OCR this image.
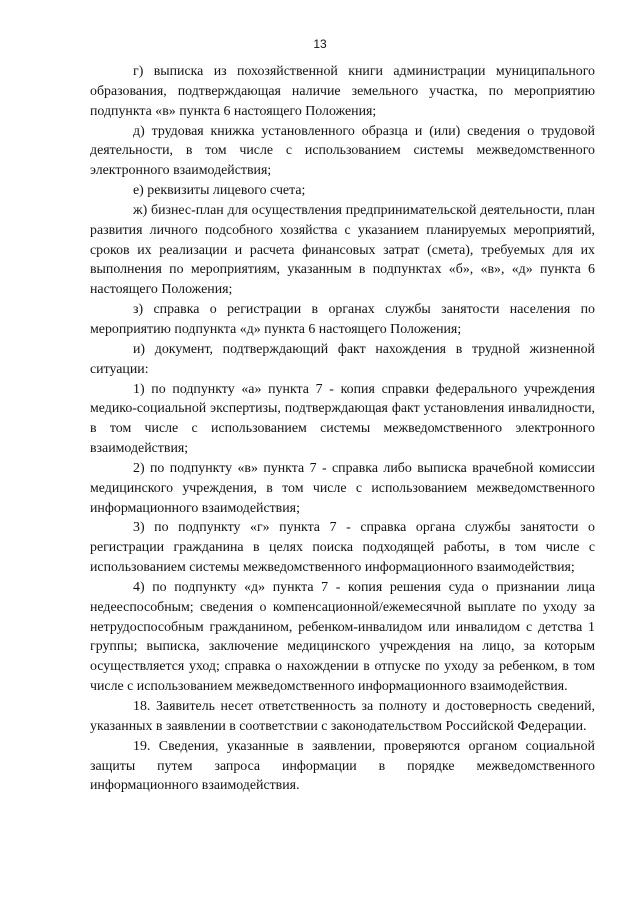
13

г) выписка из похозяйственной книги администрации муниципального образования, подтверждающая наличие земельного участка, по мероприятию подпункта «в» пункта 6 настоящего Положения;

д) трудовая книжка установленного образца и (или) сведения о трудовой деятельности, в том числе с использованием системы межведомственного электронного взаимодействия;

е) реквизиты лицевого счета;

ж) бизнес-план для осуществления предпринимательской деятельности, план развития личного подсобного хозяйства с указанием планируемых мероприятий, сроков их реализации и расчета финансовых затрат (смета), требуемых для их выполнения по мероприятиям, указанным в подпунктах «б», «в», «д» пункта 6 настоящего Положения;

з) справка о регистрации в органах службы занятости населения по мероприятию подпункта «д» пункта 6 настоящего Положения;

и) документ, подтверждающий факт нахождения в трудной жизненной ситуации:

1) по подпункту «а» пункта 7 - копия справки федерального учреждения медико-социальной экспертизы, подтверждающая факт установления инвалидности, в том числе с использованием системы межведомственного электронного взаимодействия;

2) по подпункту «в» пункта 7 - справка либо выписка врачебной комиссии медицинского учреждения, в том числе с использованием межведомственного информационного взаимодействия;

3) по подпункту «г» пункта 7 - справка органа службы занятости о регистрации гражданина в целях поиска подходящей работы, в том числе с использованием системы межведомственного информационного взаимодействия;

4) по подпункту «д» пункта 7 - копия решения суда о признании лица недееспособным; сведения о компенсационной/ежемесячной выплате по уходу за нетрудоспособным гражданином, ребенком-инвалидом или инвалидом с детства 1 группы; выписка, заключение медицинского учреждения на лицо, за которым осуществляется уход; справка о нахождении в отпуске по уходу за ребенком, в том числе с использованием межведомственного информационного взаимодействия.

18. Заявитель несет ответственность за полноту и достоверность сведений, указанных в заявлении в соответствии с законодательством Российской Федерации.

19. Сведения, указанные в заявлении, проверяются органом социальной защиты путем запроса информации в порядке межведомственного информационного взаимодействия.
